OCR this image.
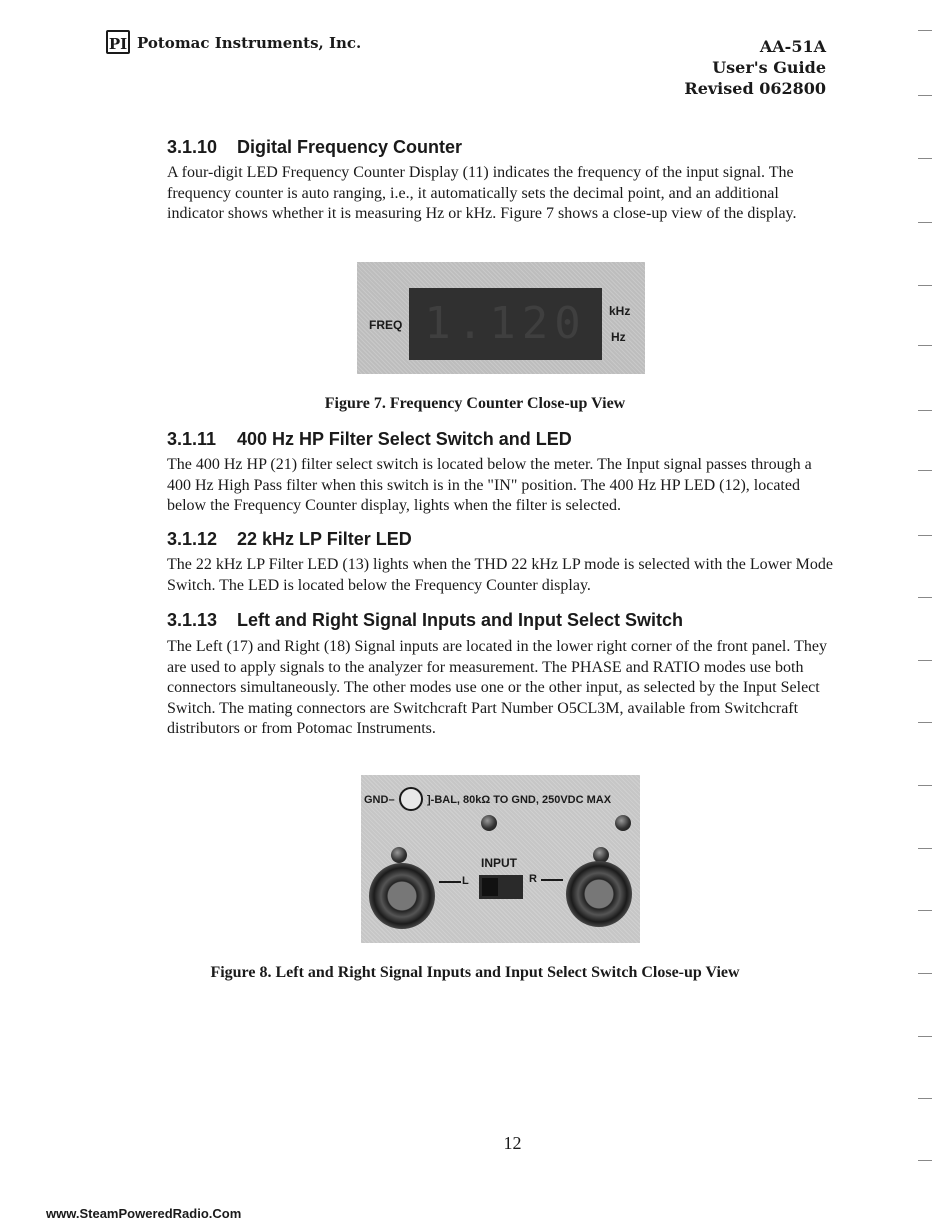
PI Potomac Instruments, Inc.	AA-51A
User's Guide
Revised 062800
3.1.10 Digital Frequency Counter
A four-digit LED Frequency Counter Display (11) indicates the frequency of the input signal. The frequency counter is auto ranging, i.e., it automatically sets the decimal point, and an additional indicator shows whether it is measuring Hz or kHz. Figure 7 shows a close-up view of the display.
FREQ 1.120	kHz
Hz
Figure 7. Frequency Counter Close-up View
3.1.11 400 Hz HP Filter Select Switch and LED
The 400 Hz HP (21) filter select switch is located below the meter. The Input signal passes through a 400 Hz High Pass filter when this switch is in the "IN" position. The 400 Hz HP LED (12), located below the Frequency Counter display, lights when the filter is selected.
3.1.12 22 kHz LP Filter LED
The 22 kHz LP Filter LED (13) lights when the THD 22 kHz LP mode is selected with the Lower Mode Switch. The LED is located below the Frequency Counter display.
3.1.13 Left and Right Signal Inputs and Input Select Switch
The Left (17) and Right (18) Signal inputs are located in the lower right corner of the front panel. They are used to apply signals to the analyzer for measurement. The PHASE and RATIO modes use both connectors simultaneously. The other modes use one or the other input, as selected by the Input Select Switch. The mating connectors are Switchcraft Part Number O5CL3M, available from Switchcraft distributors or from Potomac Instruments.
GND–	]-BAL, 80kΩ TO GND, 250VDC MAX
INPUT
L	R
Figure 8. Left and Right Signal Inputs and Input Select Switch Close-up View
12
www.SteamPoweredRadio.Com
